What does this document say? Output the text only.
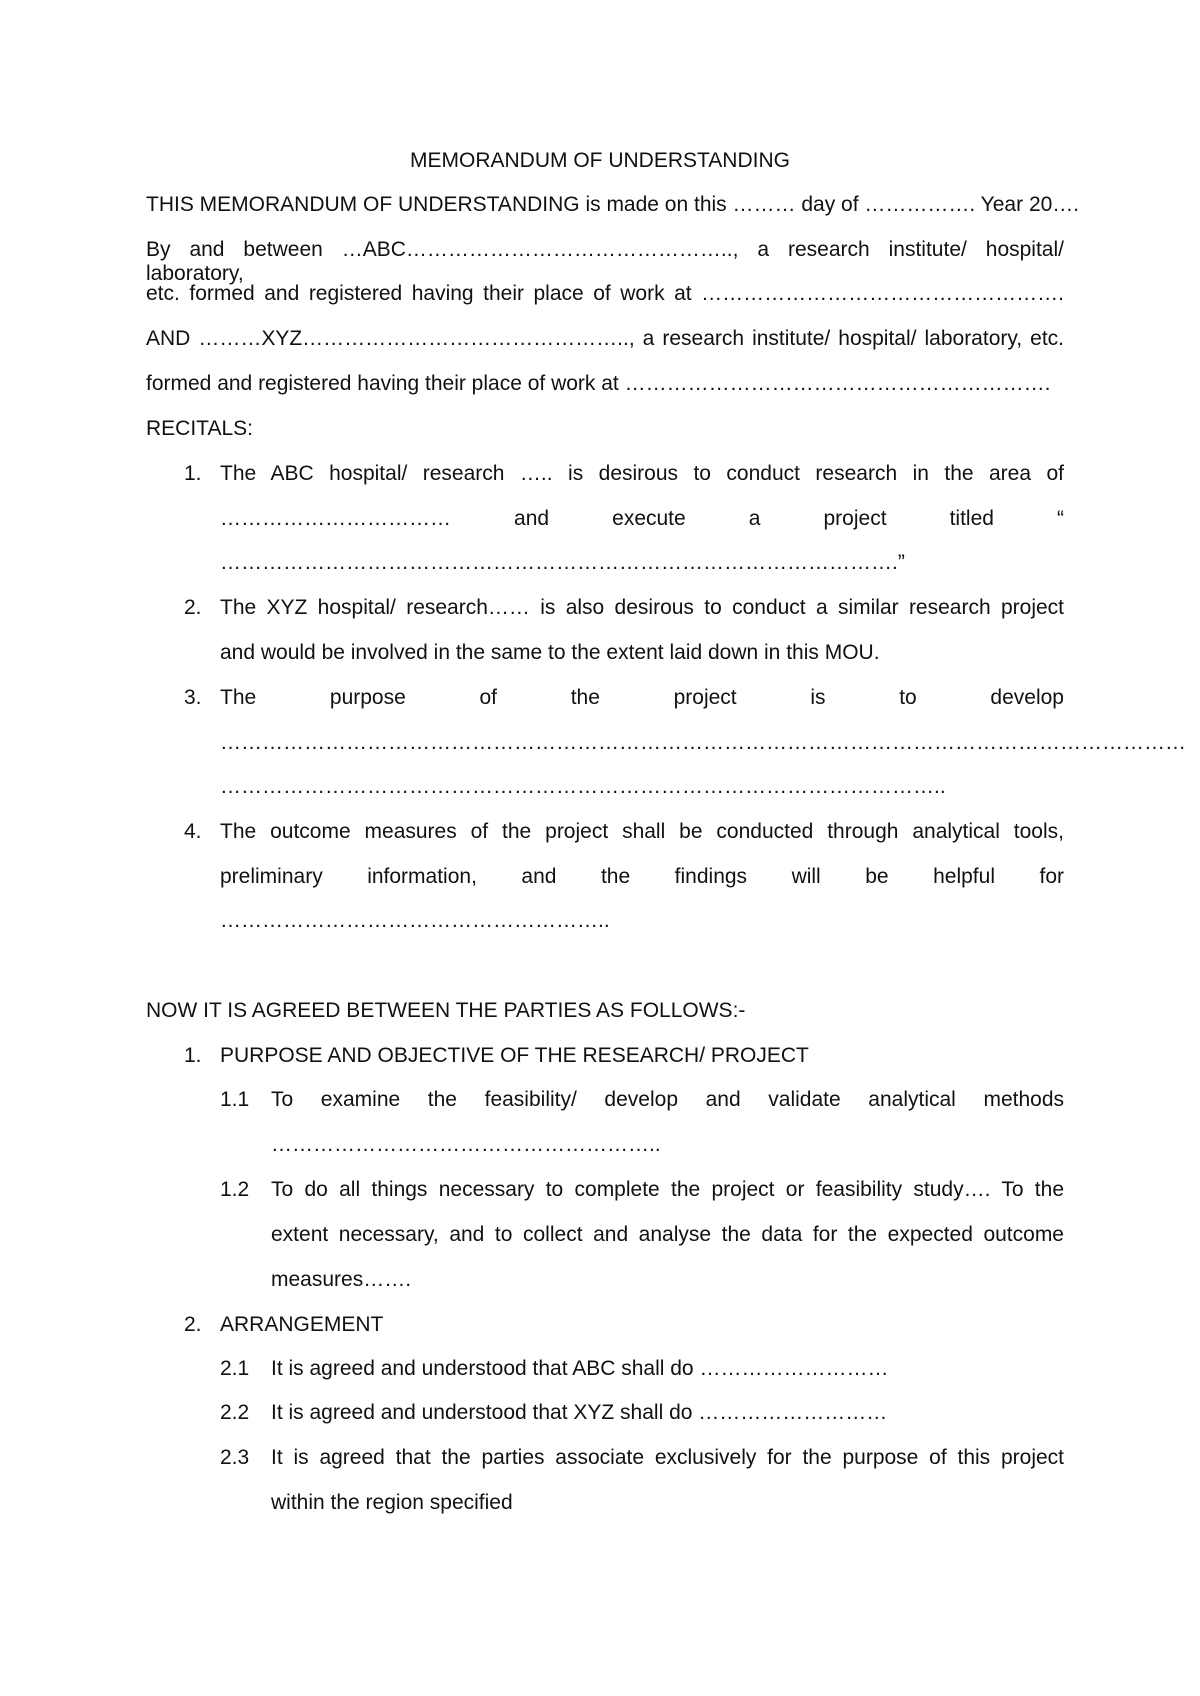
MEMORANDUM OF UNDERSTANDING
THIS MEMORANDUM OF UNDERSTANDING is made on this ……… day of ……………. Year 20….
By and between …ABC……………………………………….., a research institute/ hospital/ laboratory,
etc. formed and registered having their place of work at …………………………………………….
AND ………XYZ……………………………………….., a research institute/ hospital/ laboratory, etc.
formed and registered having their place of work at …………………………………………………….
RECITALS:
1. The ABC hospital/ research ….. is desirous to conduct research in the area of
…………………………… and execute a project titled “
…………………………………………………………………………………….”
2. The XYZ hospital/ research…… is also desirous to conduct a similar research project
and would be involved in the same to the extent laid down in this MOU.
3. The purpose of the project is to develop
…………………………………………………………………………………………………………………………
…………………………………………………………………………………………..
4. The outcome measures of the project shall be conducted through analytical tools,
preliminary information, and the findings will be helpful for
………………………………………………..
NOW IT IS AGREED BETWEEN THE PARTIES AS FOLLOWS:-
1. PURPOSE AND OBJECTIVE OF THE RESEARCH/ PROJECT
1.1 To examine the feasibility/ develop and validate analytical methods
………………………………………………..
1.2 To do all things necessary to complete the project or feasibility study…. To the
extent necessary, and to collect and analyse the data for the expected outcome
measures…….
2. ARRANGEMENT
2.1 It is agreed and understood that ABC shall do ………………………
2.2 It is agreed and understood that XYZ shall do ………………………
2.3 It is agreed that the parties associate exclusively for the purpose of this project
within the region specified
